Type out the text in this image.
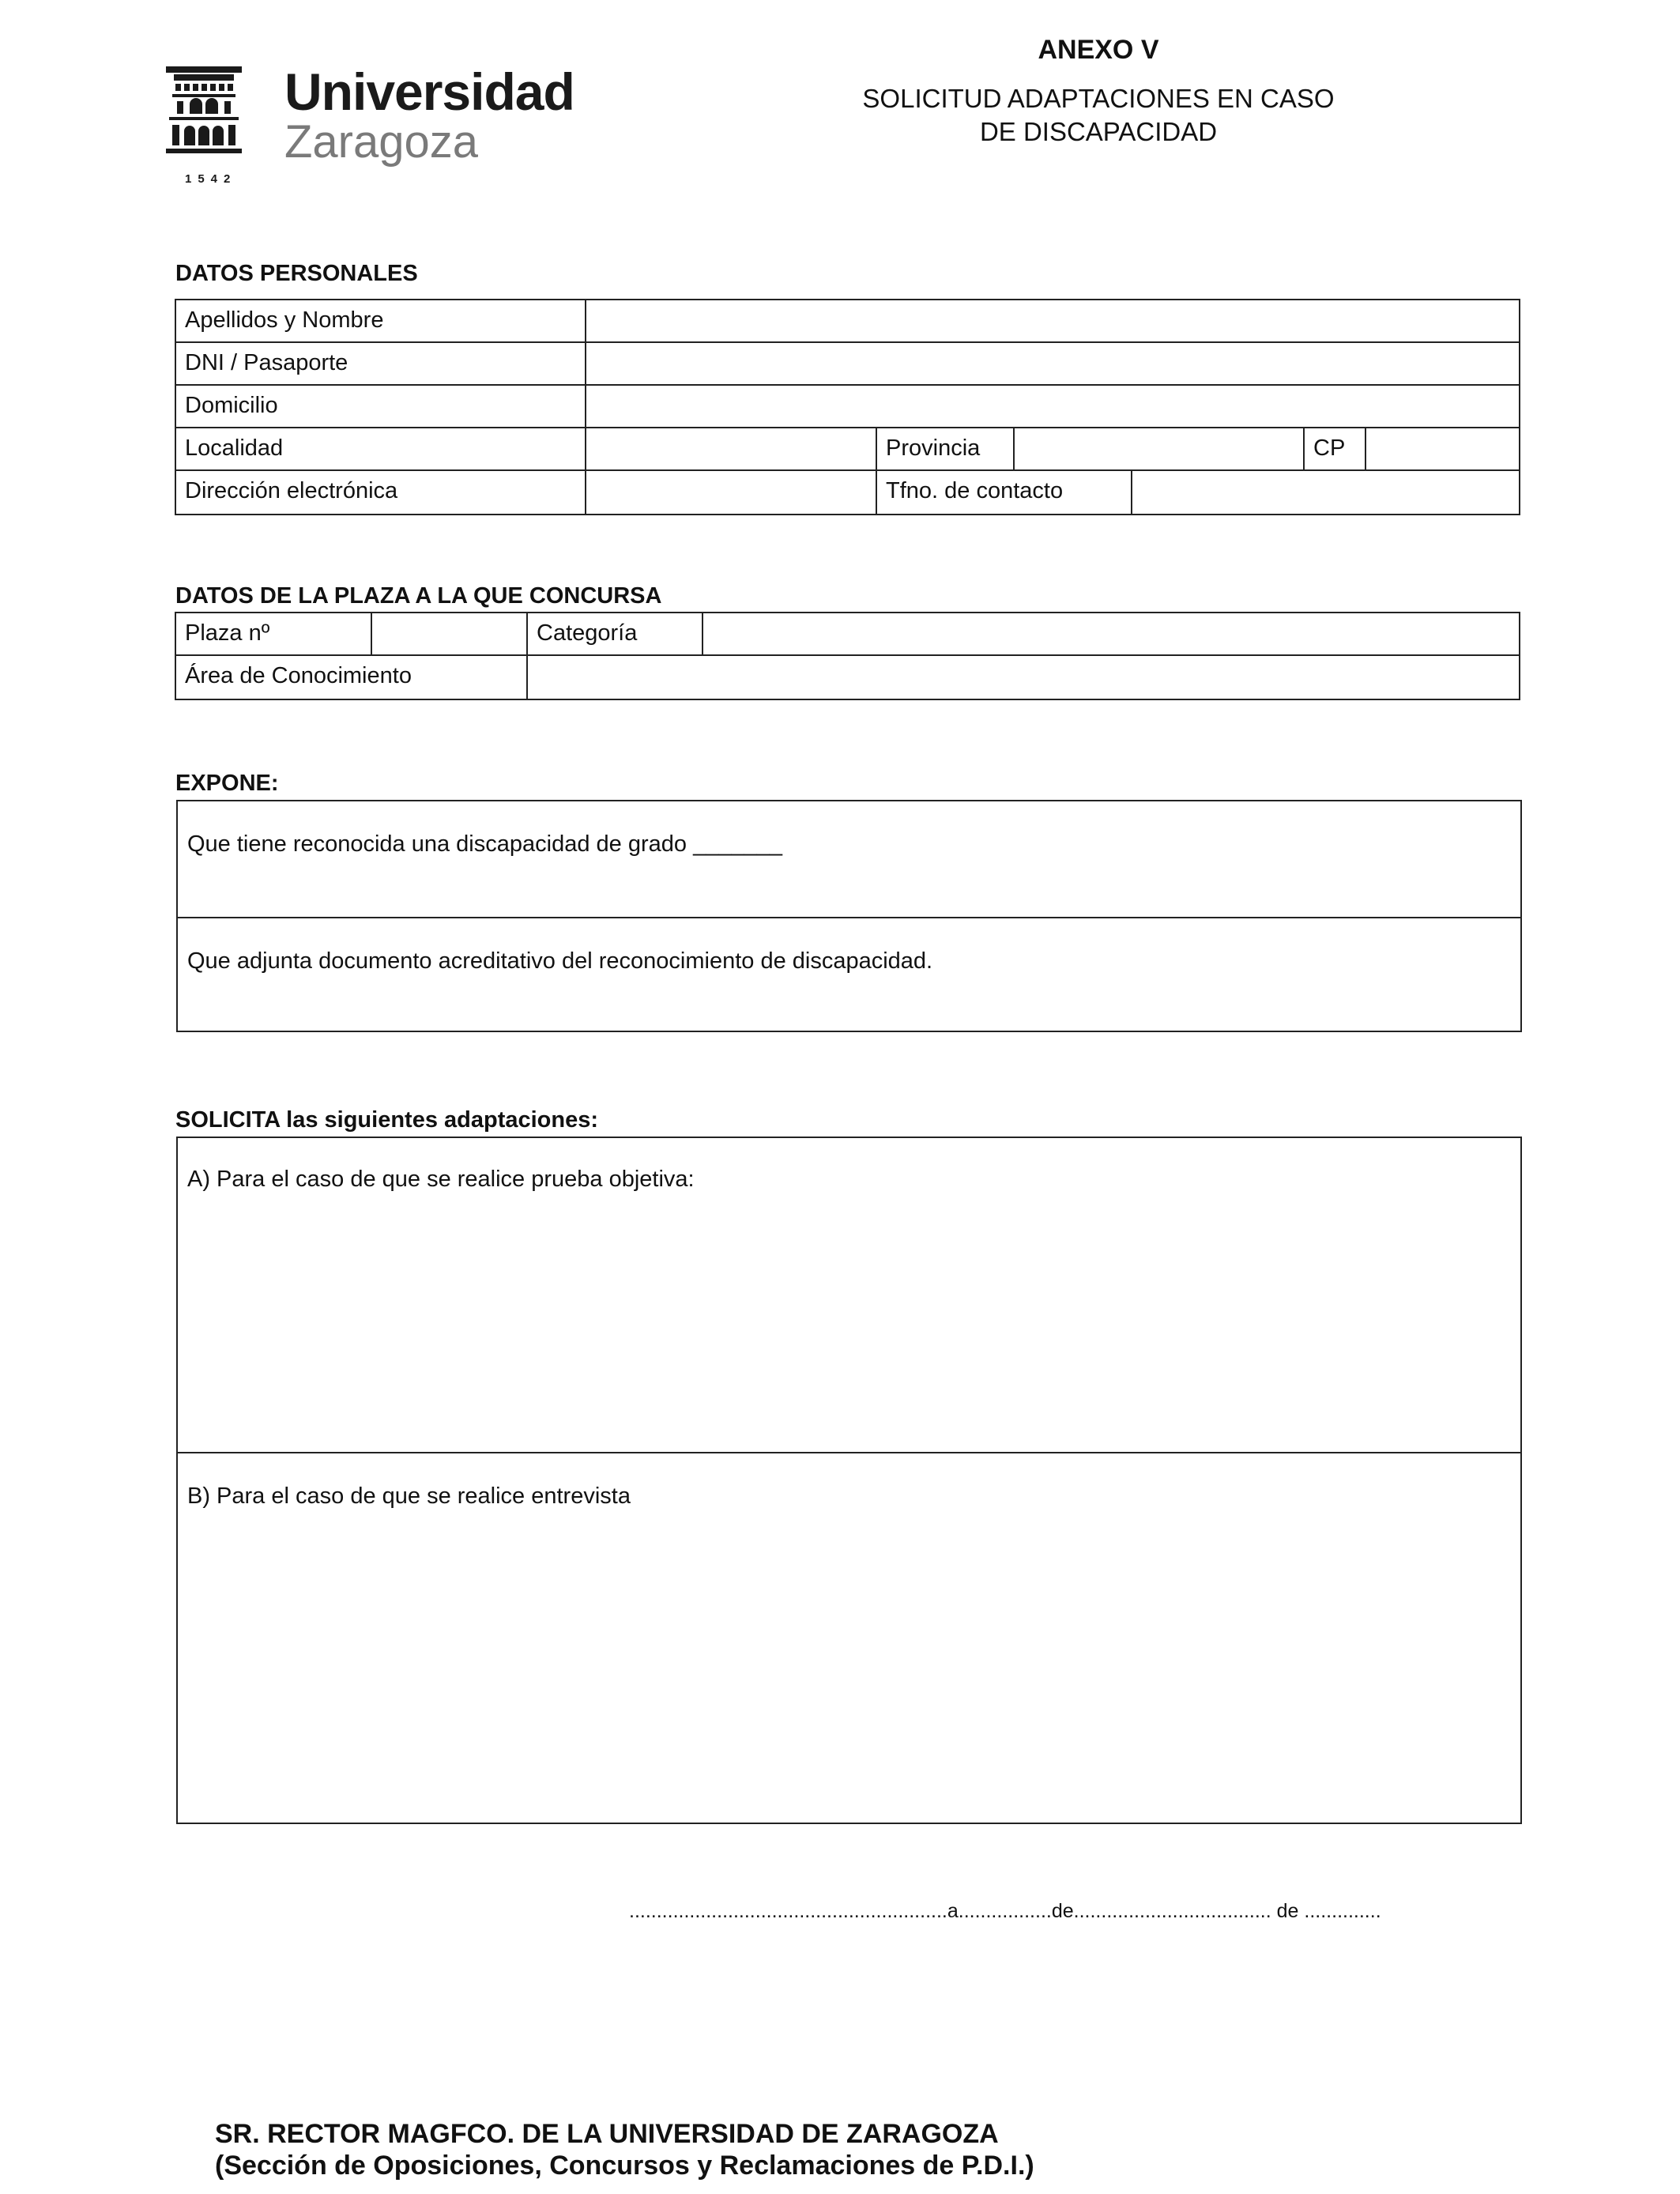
Universidad
Zaragoza
1542
ANEXO V
SOLICITUD ADAPTACIONES EN CASO
DE DISCAPACIDAD
DATOS PERSONALES
Apellidos y Nombre
DNI / Pasaporte
Domicilio
Localidad	Provincia	CP
Dirección electrónica	Tfno. de contacto
DATOS DE LA PLAZA A LA QUE CONCURSA
Plaza nº	Categoría
Área de Conocimiento
EXPONE:
Que tiene reconocida una discapacidad de grado _______
Que adjunta documento acreditativo del reconocimiento de discapacidad.
SOLICITA las siguientes adaptaciones:
A) Para el caso de que se realice prueba objetiva:
B) Para el caso de que se realice entrevista
..........................................................a.................de.................................... de ..............
SR. RECTOR MAGFCO. DE LA UNIVERSIDAD DE ZARAGOZA
(Sección de Oposiciones, Concursos y Reclamaciones de P.D.I.)
